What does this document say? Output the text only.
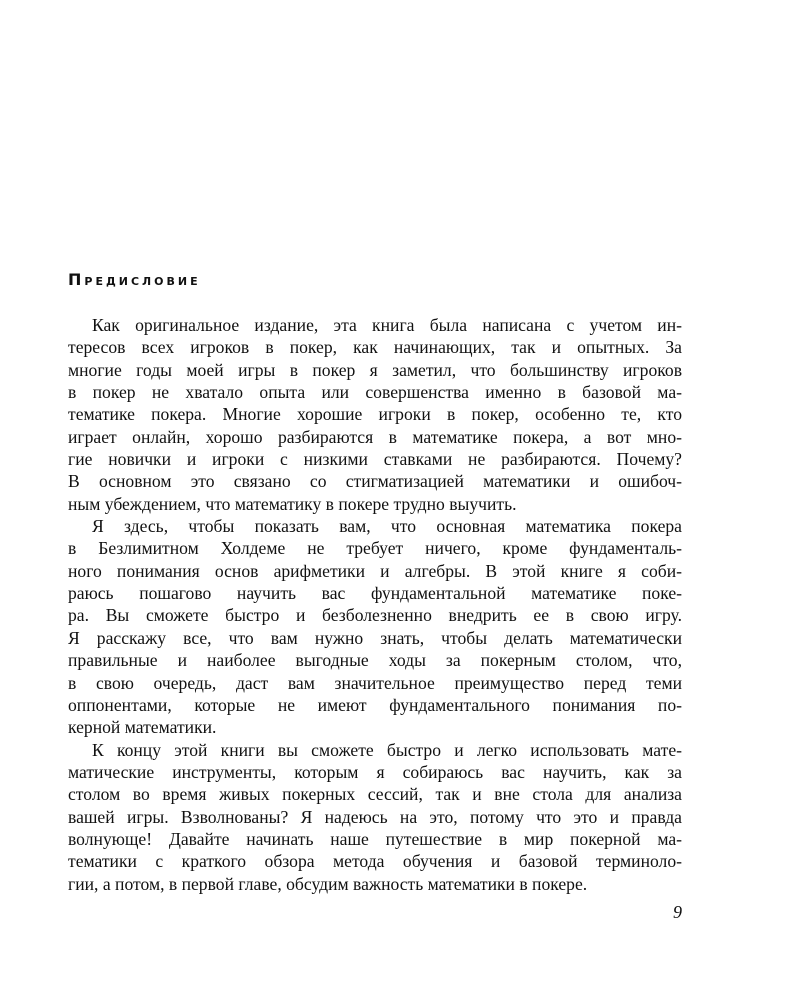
Предисловие
Как оригинальное издание, эта книга была написана с учетом ин-
тересов всех игроков в покер, как начинающих, так и опытных. За
многие годы моей игры в покер я заметил, что большинству игроков
в покер не хватало опыта или совершенства именно в базовой ма-
тематике покера. Многие хорошие игроки в покер, особенно те, кто
играет онлайн, хорошо разбираются в математике покера, а вот мно-
гие новички и игроки с низкими ставками не разбираются. Почему?
В основном это связано со стигматизацией математики и ошибоч-
ным убеждением, что математику в покере трудно выучить.
Я здесь, чтобы показать вам, что основная математика покера
в Безлимитном Холдеме не требует ничего, кроме фундаменталь-
ного понимания основ арифметики и алгебры. В этой книге я соби-
раюсь пошагово научить вас фундаментальной математике поке-
ра. Вы сможете быстро и безболезненно внедрить ее в свою игру.
Я расскажу все, что вам нужно знать, чтобы делать математически
правильные и наиболее выгодные ходы за покерным столом, что,
в свою очередь, даст вам значительное преимущество перед теми
оппонентами, которые не имеют фундаментального понимания по-
керной математики.
К концу этой книги вы сможете быстро и легко использовать мате-
матические инструменты, которым я собираюсь вас научить, как за
столом во время живых покерных сессий, так и вне стола для анализа
вашей игры. Взволнованы? Я надеюсь на это, потому что это и правда
волнующе! Давайте начинать наше путешествие в мир покерной ма-
тематики с краткого обзора метода обучения и базовой терминоло-
гии, а потом, в первой главе, обсудим важность математики в покере.
9
